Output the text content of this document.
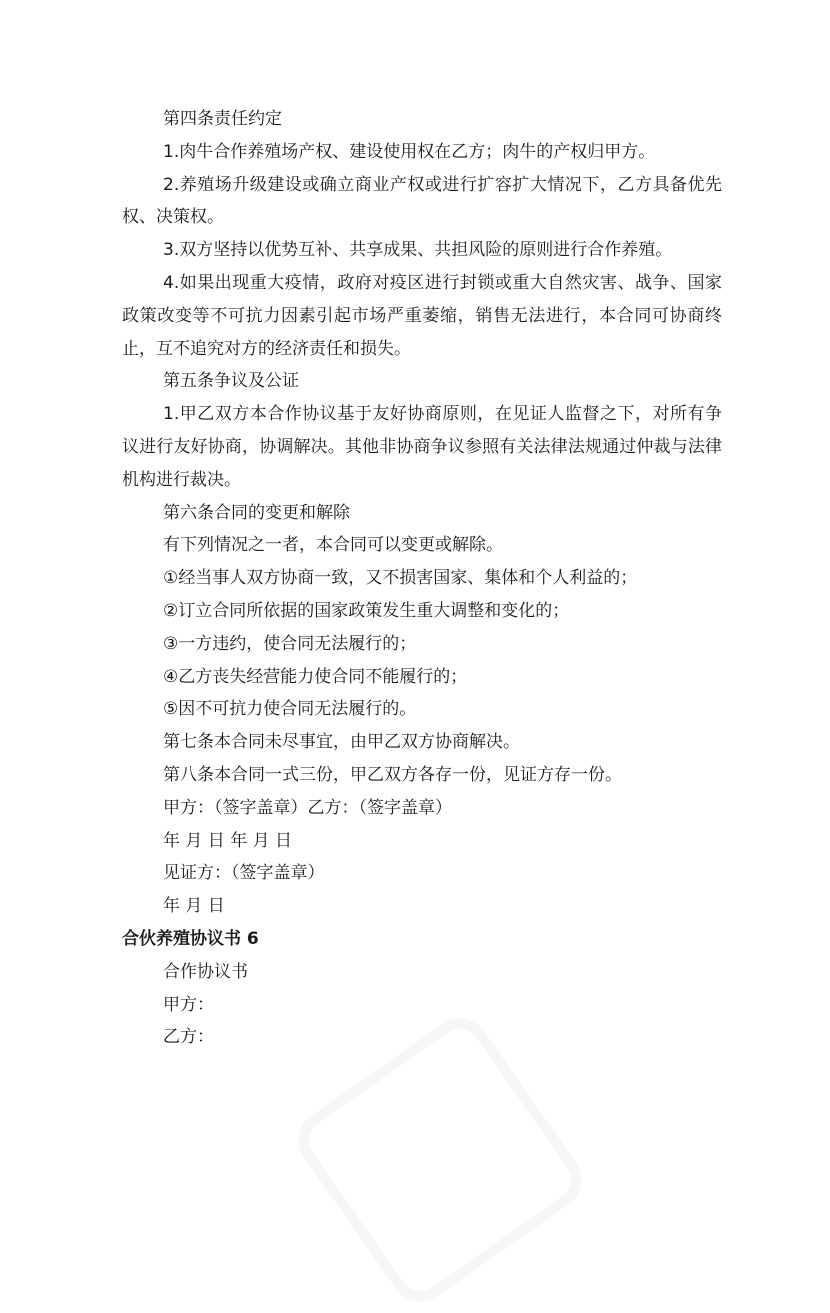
第四条责任约定

1.肉牛合作养殖场产权、建设使用权在乙方；肉牛的产权归甲方。

2.养殖场升级建设或确立商业产权或进行扩容扩大情况下，乙方具备优先权、决策权。

3.双方坚持以优势互补、共享成果、共担风险的原则进行合作养殖。

4.如果出现重大疫情，政府对疫区进行封锁或重大自然灾害、战争、国家政策改变等不可抗力因素引起市场严重萎缩，销售无法进行，本合同可协商终止，互不追究对方的经济责任和损失。

第五条争议及公证

1.甲乙双方本合作协议基于友好协商原则，在见证人监督之下，对所有争议进行友好协商，协调解决。其他非协商争议参照有关法律法规通过仲裁与法律机构进行裁决。

第六条合同的变更和解除

有下列情况之一者，本合同可以变更或解除。

①经当事人双方协商一致，又不损害国家、集体和个人利益的；

②订立合同所依据的国家政策发生重大调整和变化的；

③一方违约，使合同无法履行的；

④乙方丧失经营能力使合同不能履行的；

⑤因不可抗力使合同无法履行的。

第七条本合同未尽事宜，由甲乙双方协商解决。

第八条本合同一式三份，甲乙双方各存一份，见证方存一份。

甲方：（签字盖章）乙方：（签字盖章）

年 月 日 年 月 日

见证方：（签字盖章）

年 月 日

合伙养殖协议书 6

合作协议书

甲方：

乙方：
